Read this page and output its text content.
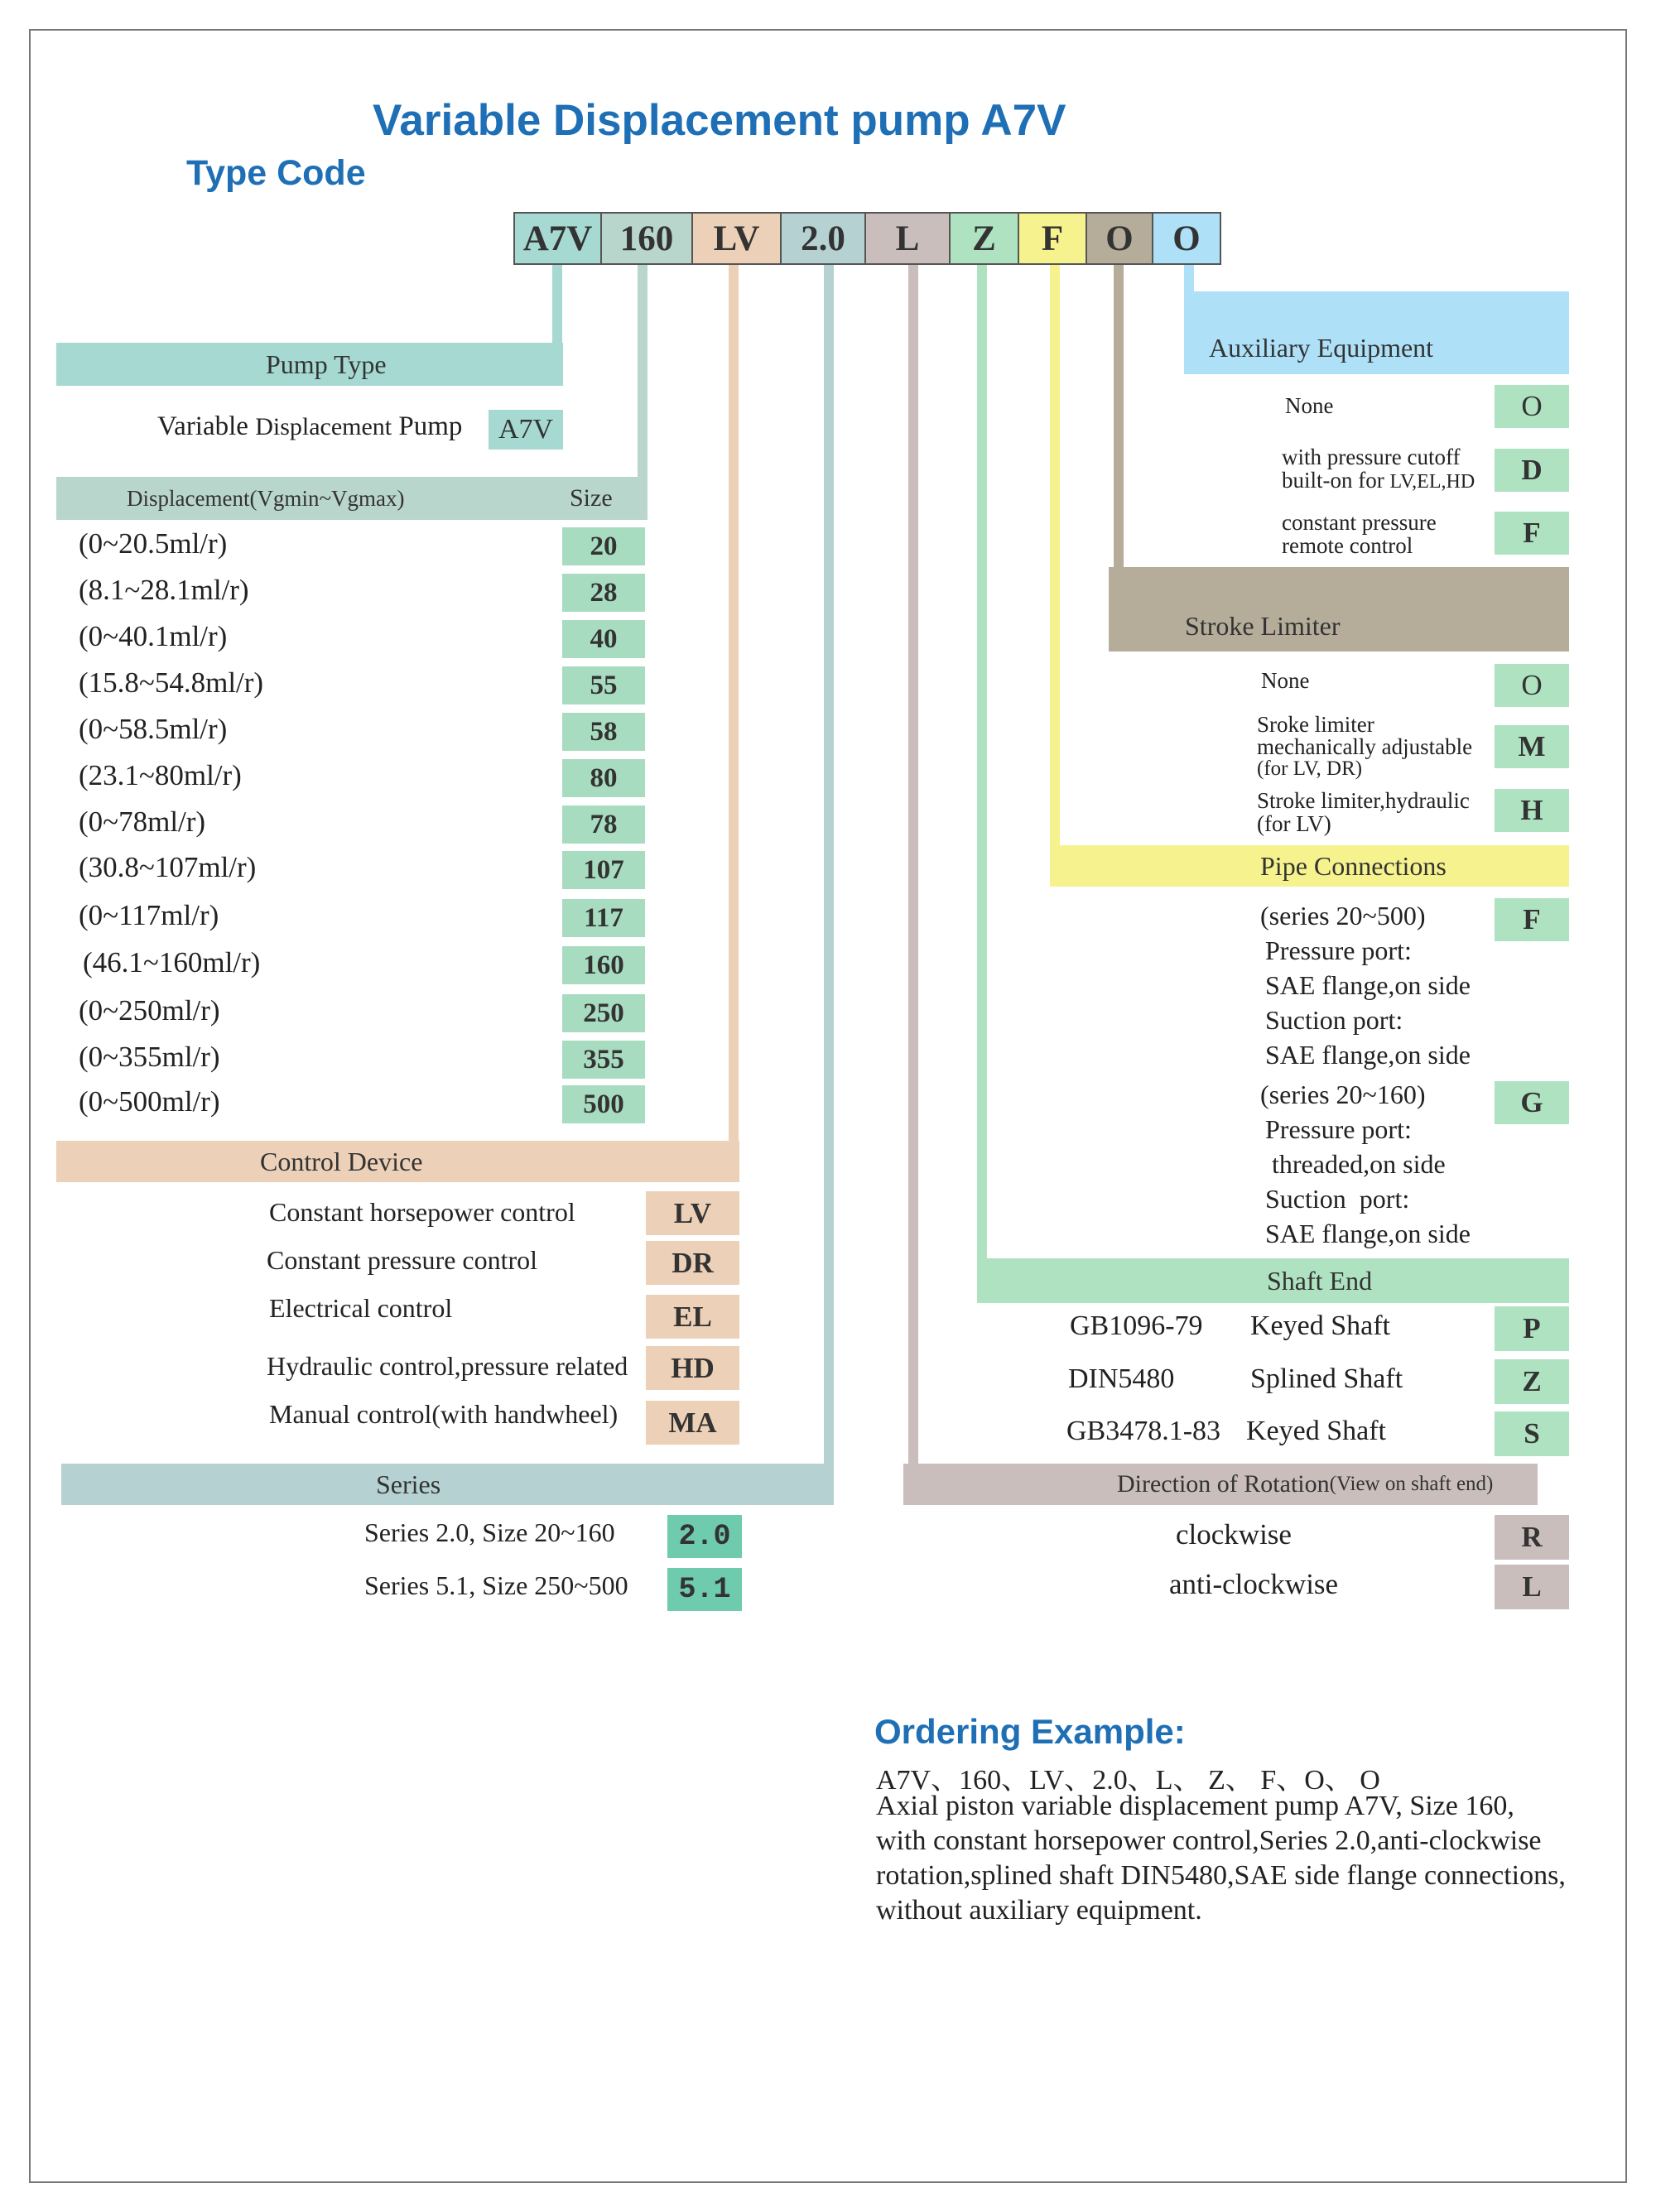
Variable Displacement pump A7V
Type Code
A7V 160	LV	2.0	L	Z	F	O	O
Pump Type
Variable Displacement Pump	A7V
Displacement(Vgmin~Vgmax)	Size
(0~20.5ml/r)	20
(8.1~28.1ml/r)	28
(0~40.1ml/r)	40
(15.8~54.8ml/r)	55
(0~58.5ml/r)	58
(23.1~80ml/r)	80
(0~78ml/r)	78
(30.8~107ml/r)	107
(0~117ml/r)	117
(46.1~160ml/r)	160
(0~250ml/r)	250
(0~355ml/r)	355
(0~500ml/r)	500
Control Device
Constant horsepower control	LV
Constant pressure control	DR
Electrical control	EL
Hydraulic control,pressure related	HD
Manual control(with handwheel)	MA
Series
Series 2.0, Size 20~160	2.0
Series 5.1, Size 250~500	5.1
Auxiliary Equipment
None	O
with pressure cutoff
built-on for LV,EL,HD	D
constant pressure
remote control	F
Stroke Limiter
None	O
Sroke limiter
mechanically adjustable
(for LV, DR)
M
Stroke limiter,hydraulic
(for LV)	H
Pipe Connections
(series 20~500)
Pressure port:
SAE flange,on side
Suction port:
SAE flange,on side
F
(series 20~160)
Pressure port:
threaded,on side
Suction  port:
SAE flange,on side
G
Shaft End
GB1096-79 Keyed Shaft	P
DIN5480	Splined Shaft	Z
GB3478.1-83 Keyed Shaft	S
Direction of Rotation (View on shaft end)
clockwise	R
anti-clockwise	L
Ordering Example:
A7V、160、LV、2.0、L、 Z、 F、O、 O
Axial piston variable displacement pump A7V, Size 160,
with constant horsepower control,Series 2.0,anti-clockwise
rotation,splined shaft DIN5480,SAE side flange connections,
without auxiliary equipment.
